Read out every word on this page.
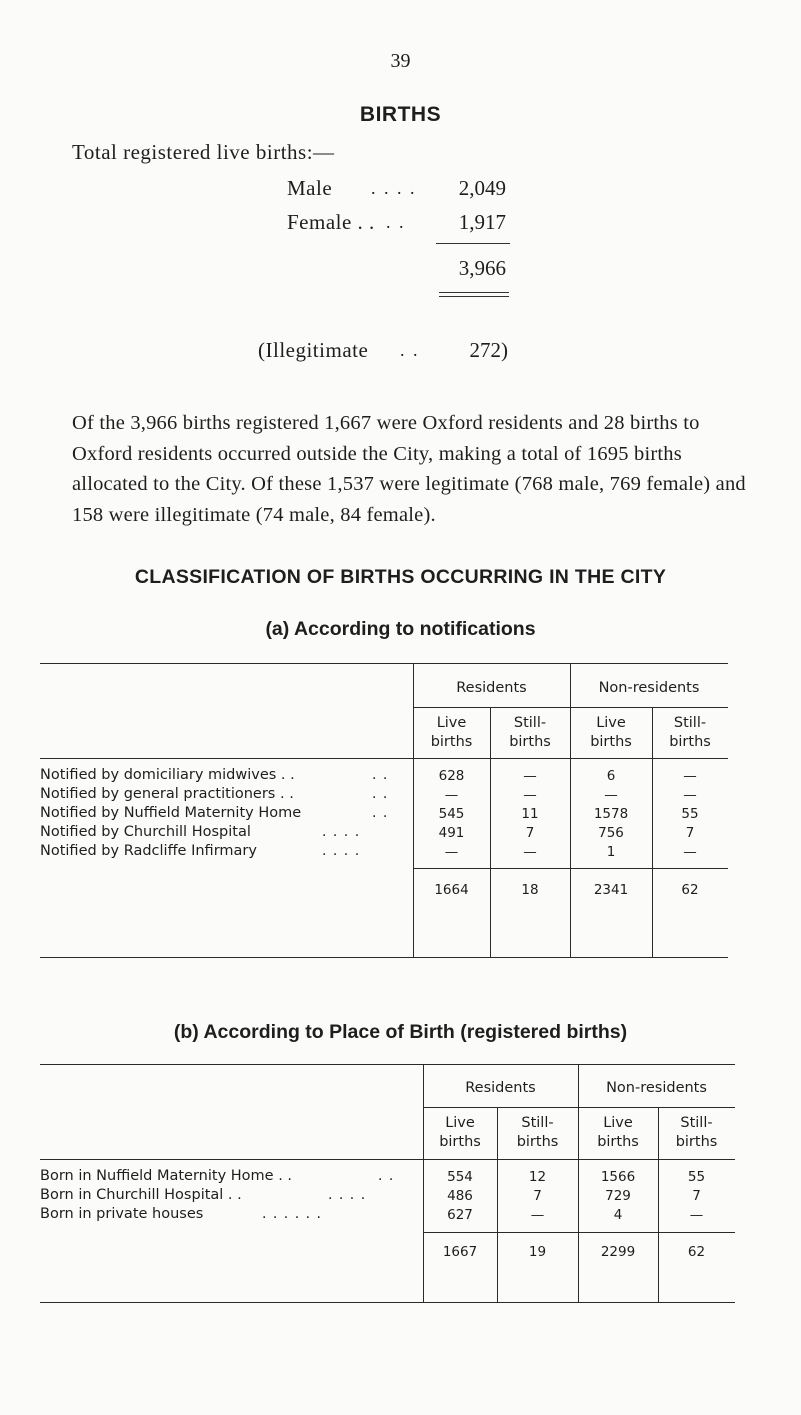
39
BIRTHS
Total registered live births:—
Male . . . .	2,049
Female . . . .	1,917
3,966
(Illegitimate . .	272)
Of the 3,966 births registered 1,667 were Oxford residents and 28 births to Oxford residents occurred outside the City, making a total of 1695 births allocated to the City. Of these 1,537 were legitimate (768 male, 769 female) and 158 were illegitimate (74 male, 84 female).
CLASSIFICATION OF BIRTHS OCCURRING IN THE CITY
(a) According to notifications
Residents	Non-residents
Live
births
Still-
births
Live
births
Still-
births
Notified by domiciliary midwives . .	. .	628	—	6	—
Notified by general practitioners . .	. .	—	—	—	—
Notified by Nuffield Maternity Home	. .	545	11	1578	55
Notified by Churchill Hospital	. . . .	491	7	756	7
Notified by Radcliffe Infirmary	. . . .	—	—	1	—
1664	18	2341	62
(b) According to Place of Birth (registered births)
Residents	Non-residents
Live
births
Still-
births
Live
births
Still-
births
Born in Nuffield Maternity Home . .	. .	554	12	1566	55
Born in Churchill Hospital . .	. . . .	486	7	729	7
Born in private houses	. . . . . .	627	—	4	—
1667	19	2299	62
